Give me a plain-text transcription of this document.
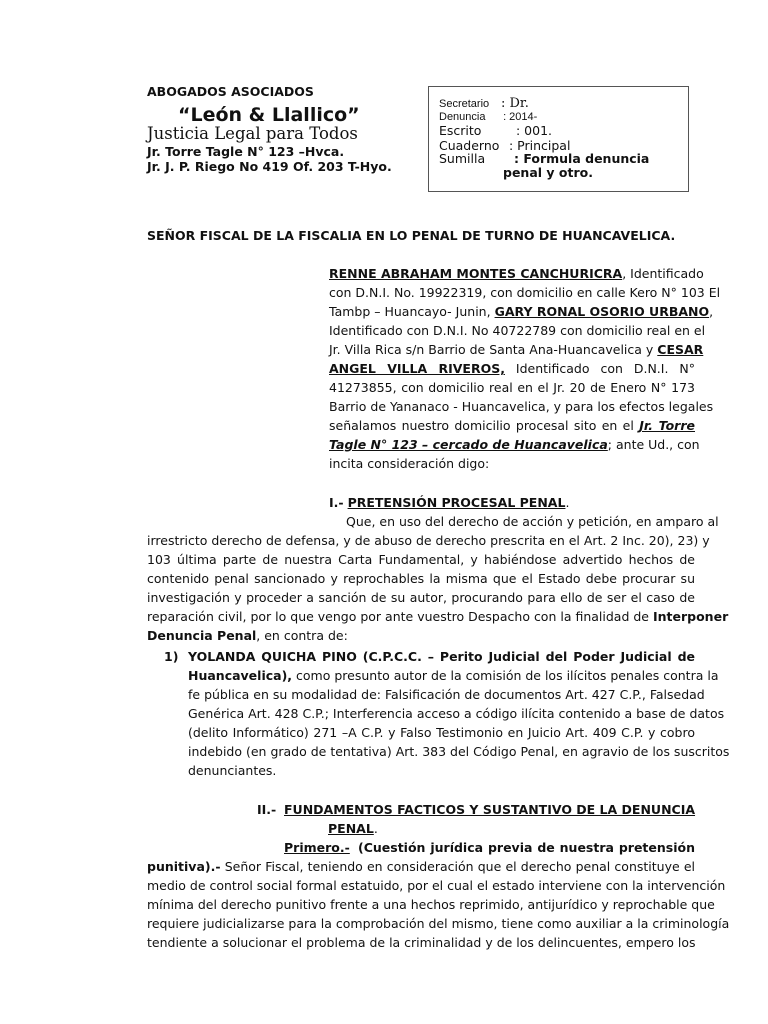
ABOGADOS ASOCIADOS
“León & Llallico”
Justicia Legal para Todos
Jr. Torre Tagle N° 123 –Hvca.
Jr. J. P. Riego No 419 Of. 203 T-Hyo.
Secretario : Dr.
Denuncia : 2014-
Escrito	: 001.
Cuaderno : Principal
Sumilla : Formula denuncia
penal y otro.
SEÑOR FISCAL DE LA FISCALIA EN LO PENAL DE TURNO DE HUANCAVELICA.
RENNE ABRAHAM MONTES CANCHURICRA, Identificado
con D.N.I. No. 19922319, con domicilio en calle Kero N° 103 El
Tambp – Huancayo- Junin, GARY RONAL OSORIO URBANO,
Identificado con D.N.I. No 40722789 con domicilio real en el
Jr. Villa Rica s/n Barrio de Santa Ana-Huancavelica y CESAR
ANGEL VILLA RIVEROS, Identificado con D.N.I. N°
41273855, con domicilio real en el Jr. 20 de Enero N° 173
Barrio de Yananaco - Huancavelica, y para los efectos legales
señalamos nuestro domicilio procesal sito en el Jr. Torre
Tagle N° 123 – cercado de Huancavelica; ante Ud., con
incita consideración digo:
I.- PRETENSIÓN PROCESAL PENAL.
Que, en uso del derecho de acción y petición, en amparo al
irrestricto derecho de defensa, y de abuso de derecho prescrita en el Art. 2 Inc. 20), 23) y
103 última parte de nuestra Carta Fundamental, y habiéndose advertido hechos de
contenido penal sancionado y reprochables la misma que el Estado debe procurar su
investigación y proceder a sanción de su autor, procurando para ello de ser el caso de
reparación civil, por lo que vengo por ante vuestro Despacho con la finalidad de Interponer
Denuncia Penal, en contra de:
1) YOLANDA QUICHA PINO (C.P.C.C. – Perito Judicial del Poder Judicial de
Huancavelica), como presunto autor de la comisión de los ilícitos penales contra la
fe pública en su modalidad de: Falsificación de documentos Art. 427 C.P., Falsedad
Genérica Art. 428 C.P.; Interferencia acceso a código ilícita contenido a base de datos
(delito Informático) 271 –A C.P. y Falso Testimonio en Juicio Art. 409 C.P. y cobro
indebido (en grado de tentativa) Art. 383 del Código Penal, en agravio de los suscritos
denunciantes.
II.- FUNDAMENTOS FACTICOS Y SUSTANTIVO DE LA DENUNCIA
PENAL.
Primero.- (Cuestión jurídica previa de nuestra pretensión
punitiva).- Señor Fiscal, teniendo en consideración que el derecho penal constituye el
medio de control social formal estatuido, por el cual el estado interviene con la intervención
mínima del derecho punitivo frente a una hechos reprimido, antijurídico y reprochable que
requiere judicializarse para la comprobación del mismo, tiene como auxiliar a la criminología
tendiente a solucionar el problema de la criminalidad y de los delincuentes, empero los
